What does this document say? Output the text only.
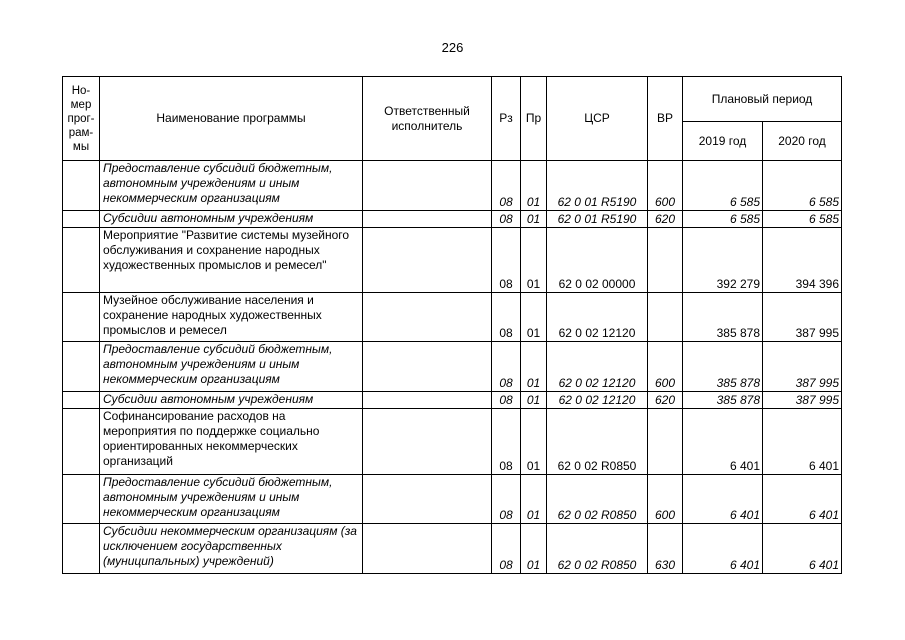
226
Но-мер прог-рам-мы	Наименование программы	Ответственный исполнитель	Рз	Пр	ЦСР	ВР	Плановый период	
							2019 год	2020 год
	Предоставление субсидий бюджетным, автономным учреждениям и иным некоммерческим организациям		08	01	62 0 01 R5190	600	6 585	6 585
	Субсидии автономным учреждениям		08	01	62 0 01 R5190	620	6 585	6 585
	Мероприятие "Развитие системы музейного обслуживания и сохранение народных художественных промыслов и ремесел"		08	01	62 0 02 00000		392 279	394 396
	Музейное обслуживание населения и сохранение народных художественных промыслов и ремесел		08	01	62 0 02 12120		385 878	387 995
	Предоставление субсидий бюджетным, автономным учреждениям и иным некоммерческим организациям		08	01	62 0 02 12120	600	385 878	387 995
	Субсидии автономным учреждениям		08	01	62 0 02 12120	620	385 878	387 995
	Софинансирование расходов на мероприятия по поддержке социально ориентированных некоммерческих организаций		08	01	62 0 02 R0850		6 401	6 401
	Предоставление субсидий бюджетным, автономным учреждениям и иным некоммерческим организациям		08	01	62 0 02 R0850	600	6 401	6 401
	Субсидии некоммерческим организациям (за исключением государственных (муниципальных) учреждений)		08	01	62 0 02 R0850	630	6 401	6 401
